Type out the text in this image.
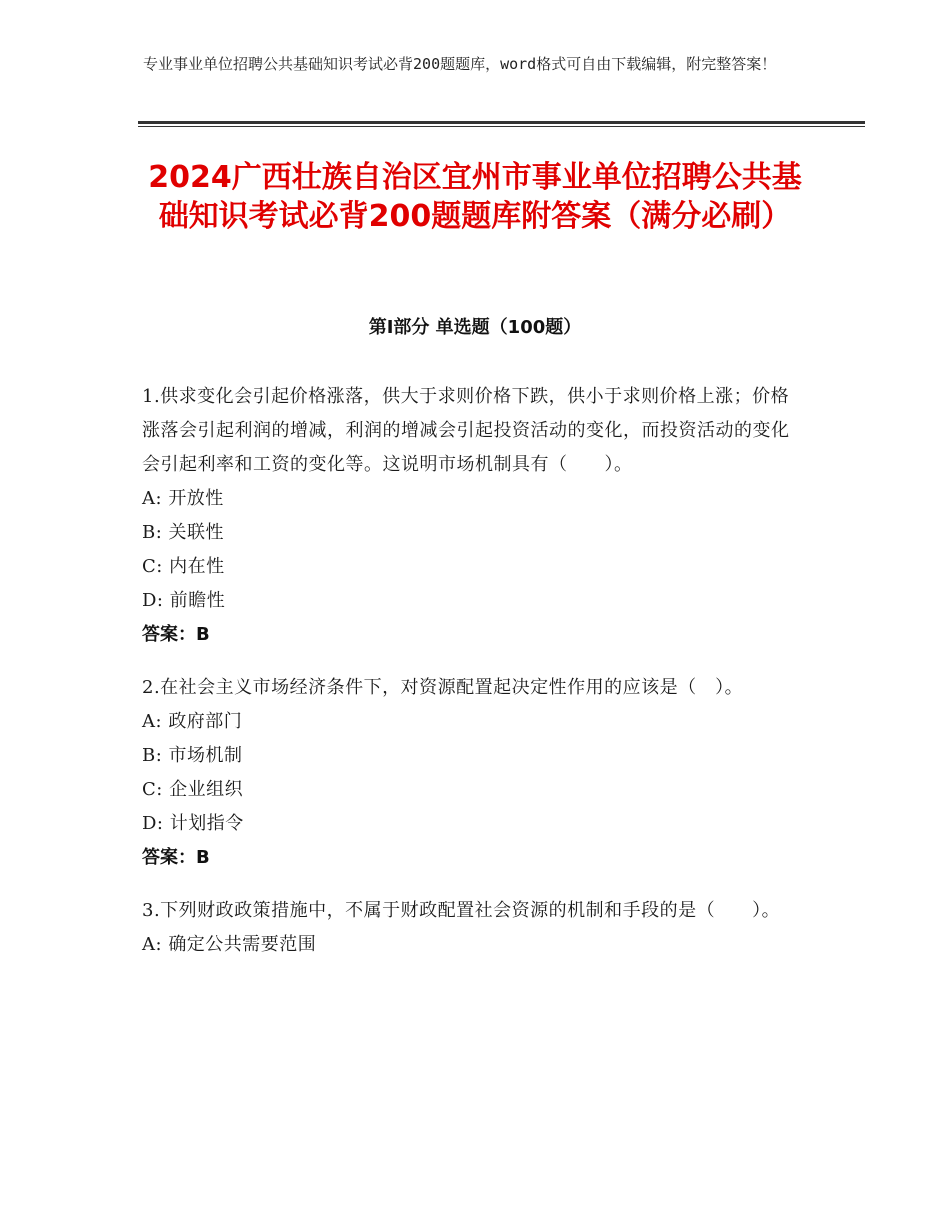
专业事业单位招聘公共基础知识考试必背200题题库，word格式可自由下载编辑，附完整答案！
2024广西壮族自治区宜州市事业单位招聘公共基础知识考试必背200题题库附答案（满分必刷）
第Ⅰ部分 单选题（100题）

1.供求变化会引起价格涨落，供大于求则价格下跌，供小于求则价格上涨；价格涨落会引起利润的增减，利润的增减会引起投资活动的变化，而投资活动的变化会引起利率和工资的变化等。这说明市场机制具有（　　）。

A: 开放性

B: 关联性

C: 内在性

D: 前瞻性

答案：B

2.在社会主义市场经济条件下，对资源配置起决定性作用的应该是（　）。

A: 政府部门

B: 市场机制

C: 企业组织

D: 计划指令

答案：B

3.下列财政政策措施中，不属于财政配置社会资源的机制和手段的是（　　）。

A: 确定公共需要范围
